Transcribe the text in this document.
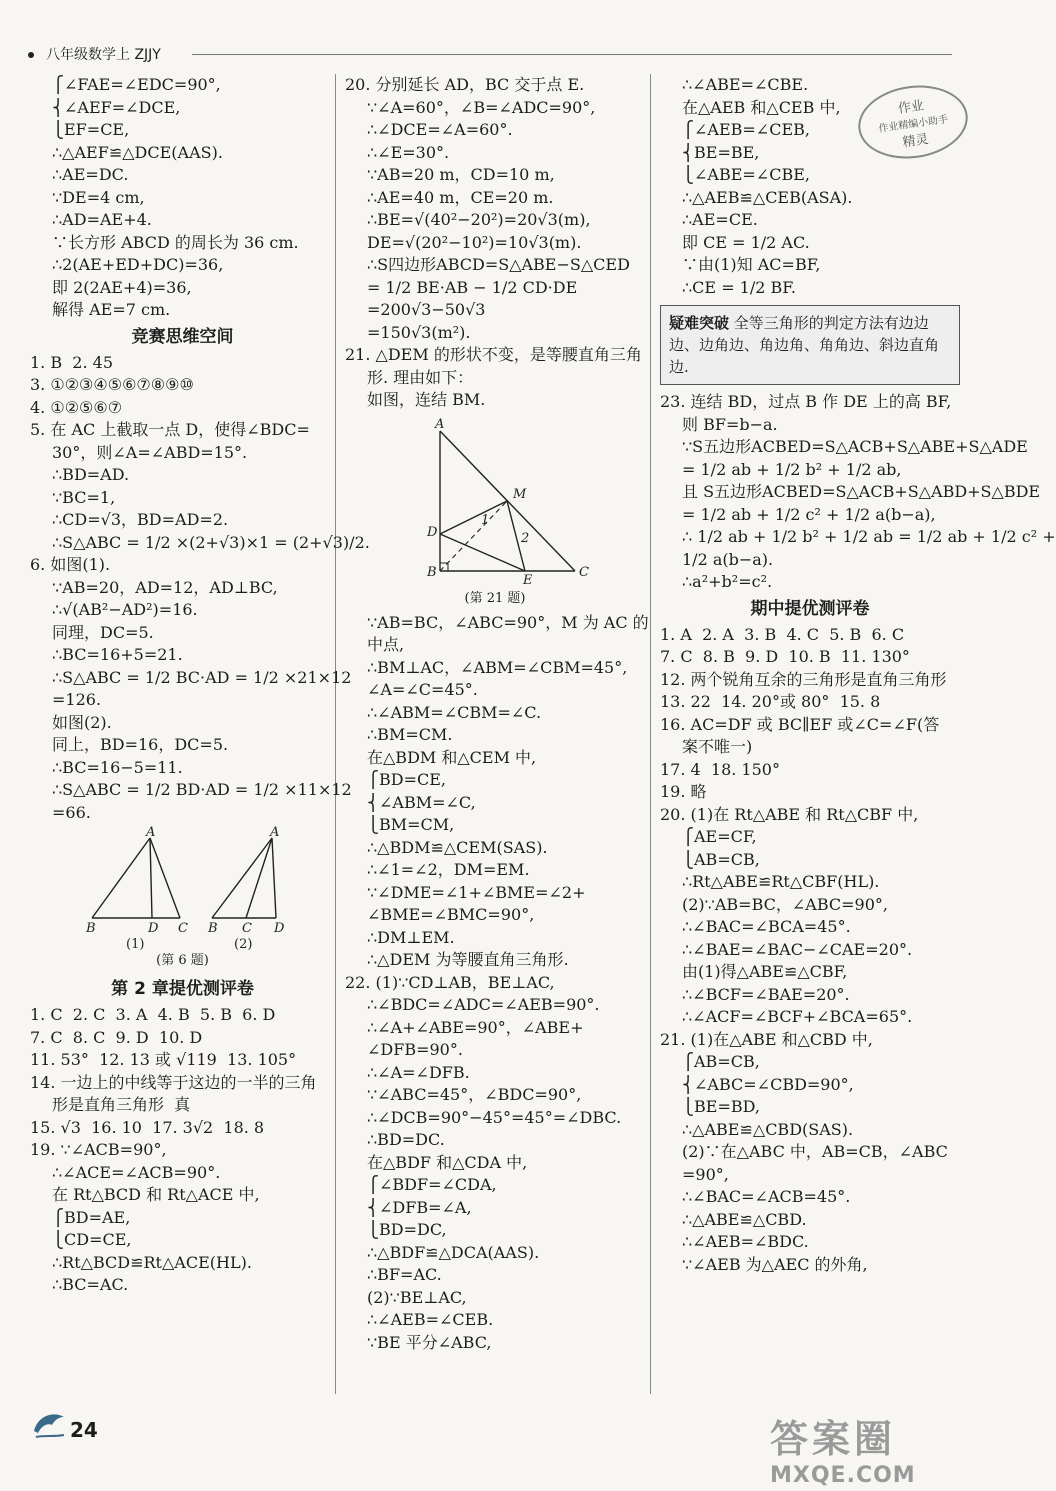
八年级数学上 ZJJY
⎧∠FAE=∠EDC=90°,
⎨∠AEF=∠DCE,
⎩EF=CE,
∴△AEF≌△DCE(AAS).
∴AE=DC.
∵DE=4 cm,
∴AD=AE+4.
∵长方形 ABCD 的周长为 36 cm.
∴2(AE+ED+DC)=36,
即 2(2AE+4)=36,
解得 AE=7 cm.
竞赛思维空间
1. B  2. 45
3. ①②③④⑤⑥⑦⑧⑨⑩
4. ①②⑤⑥⑦
5. 在 AC 上截取一点 D，使得∠BDC=
30°，则∠A=∠ABD=15°.
∴BD=AD.
∵BC=1,
∴CD=√3，BD=AD=2.
∴S△ABC = 1/2 ×(2+√3)×1 = (2+√3)/2.
6. 如图(1).
∵AB=20，AD=12，AD⊥BC,
∴√(AB²−AD²)=16.
同理，DC=5.
∴BC=16+5=21.
∴S△ABC = 1/2 BC·AD = 1/2 ×21×12
=126.
如图(2).
同上，BD=16，DC=5.
∴BC=16−5=11.
∴S△ABC = 1/2 BD·AD = 1/2 ×11×12
=66.
A
B	D C
A
B C D
(1)	(2)
(第 6 题)
第 2 章提优测评卷
1. C  2. C  3. A  4. B  5. B  6. D
7. C  8. C  9. D  10. D
11. 53°  12. 13 或 √119  13. 105°
14. 一边上的中线等于这边的一半的三角
形是直角三角形  真
15. √3  16. 10  17. 3√2  18. 8
19. ∵∠ACB=90°,
∴∠ACE=∠ACB=90°.
在 Rt△BCD 和 Rt△ACE 中,
⎧BD=AE,
⎩CD=CE,
∴Rt△BCD≌Rt△ACE(HL).
∴BC=AC.
20. 分别延长 AD，BC 交于点 E.
∵∠A=60°，∠B=∠ADC=90°,
∴∠DCE=∠A=60°.
∴∠E=30°.
∵AB=20 m，CD=10 m,
∴AE=40 m，CE=20 m.
∴BE=√(40²−20²)=20√3(m),
DE=√(20²−10²)=10√3(m).
∴S四边形ABCD=S△ABE−S△CED
= 1/2 BE·AB − 1/2 CD·DE
=200√3−50√3
=150√3(m²).
21. △DEM 的形状不变，是等腰直角三角
形. 理由如下：
如图，连结 BM.
A
M
1
2
D
B
E
C
(第 21 题)
∵AB=BC，∠ABC=90°，M 为 AC 的
中点,
∴BM⊥AC，∠ABM=∠CBM=45°,
∠A=∠C=45°.
∴∠ABM=∠CBM=∠C.
∴BM=CM.
在△BDM 和△CEM 中,
⎧BD=CE,
⎨∠ABM=∠C,
⎩BM=CM,
∴△BDM≌△CEM(SAS).
∴∠1=∠2，DM=EM.
∵∠DME=∠1+∠BME=∠2+
∠BME=∠BMC=90°,
∴DM⊥EM.
∴△DEM 为等腰直角三角形.
22. (1)∵CD⊥AB，BE⊥AC,
∴∠BDC=∠ADC=∠AEB=90°.
∴∠A+∠ABE=90°，∠ABE+
∠DFB=90°.
∴∠A=∠DFB.
∵∠ABC=45°，∠BDC=90°,
∴∠DCB=90°−45°=45°=∠DBC.
∴BD=DC.
在△BDF 和△CDA 中,
⎧∠BDF=∠CDA,
⎨∠DFB=∠A,
⎩BD=DC,
∴△BDF≌△DCA(AAS).
∴BF=AC.
(2)∵BE⊥AC,
∴∠AEB=∠CEB.
∵BE 平分∠ABC,
∴∠ABE=∠CBE.
在△AEB 和△CEB 中,
⎧∠AEB=∠CEB,
⎨BE=BE,
⎩∠ABE=∠CBE,
∴△AEB≌△CEB(ASA).
∴AE=CE.
即 CE = 1/2 AC.
∵由(1)知 AC=BF,
∴CE = 1/2 BF.
疑难突破 全等三角形的判定方法有边边边、边角边、角边角、角角边、斜边直角边.
23. 连结 BD，过点 B 作 DE 上的高 BF,
则 BF=b−a.
∵S五边形ACBED=S△ACB+S△ABE+S△ADE
= 1/2 ab + 1/2 b² + 1/2 ab,
且 S五边形ACBED=S△ACB+S△ABD+S△BDE
= 1/2 ab + 1/2 c² + 1/2 a(b−a),
∴ 1/2 ab + 1/2 b² + 1/2 ab = 1/2 ab + 1/2 c² +
1/2 a(b−a).
∴a²+b²=c².
期中提优测评卷
1. A  2. A  3. B  4. C  5. B  6. C
7. C  8. B  9. D  10. B  11. 130°
12. 两个锐角互余的三角形是直角三角形
13. 22  14. 20°或 80°  15. 8
16. AC=DF 或 BC∥EF 或∠C=∠F(答
案不唯一)
17. 4  18. 150°
19. 略
20. (1)在 Rt△ABE 和 Rt△CBF 中,
⎧AE=CF,
⎩AB=CB,
∴Rt△ABE≌Rt△CBF(HL).
(2)∵AB=BC，∠ABC=90°,
∴∠BAC=∠BCA=45°.
∴∠BAE=∠BAC−∠CAE=20°.
由(1)得△ABE≌△CBF,
∴∠BCF=∠BAE=20°.
∴∠ACF=∠BCF+∠BCA=65°.
21. (1)在△ABE 和△CBD 中,
⎧AB=CB,
⎨∠ABC=∠CBD=90°,
⎩BE=BD,
∴△ABE≌△CBD(SAS).
(2)∵在△ABC 中，AB=CB，∠ABC
=90°,
∴∠BAC=∠ACB=45°.
∴△ABE≌△CBD.
∴∠AEB=∠BDC.
∵∠AEB 为△AEC 的外角,
作业
作业精编小助手
精灵
24	答案圈
MXQE.COM
